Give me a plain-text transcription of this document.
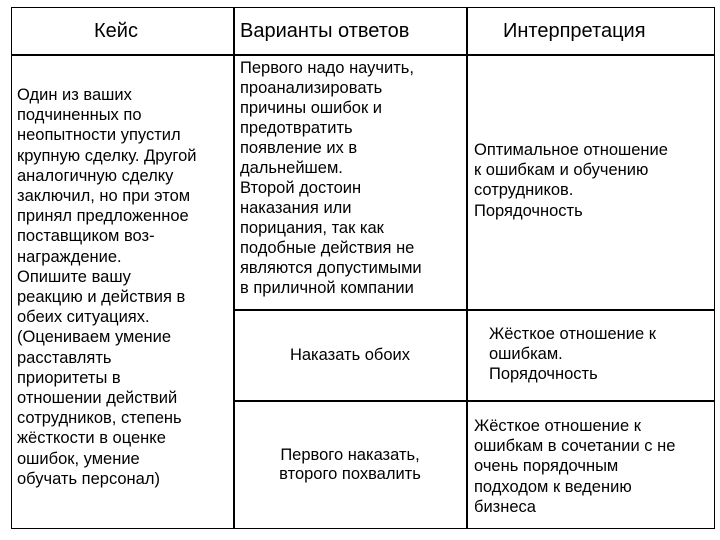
Кейс	Варианты ответов	Интерпретация
Один из ваших
подчиненных по
неопытности упустил
крупную сделку. Другой
аналогичную сделку
заключил, но при этом
принял предложенное
поставщиком воз-
награждение.
Опишите вашу
реакцию и действия в
обеих ситуациях.
(Оцениваем умение
расставлять
приоритеты в
отношении действий
сотрудников, степень
жёсткости в оценке
ошибок, умение
обучать персонал)
Первого надо научить,
проанализировать
причины ошибок и
предотвратить
появление их в
дальнейшем.
Второй достоин
наказания или
порицания, так как
подобные действия не
являются допустимыми
в приличной компании
Наказать обоих
Первого наказать,
второго похвалить
Оптимальное отношение
к ошибкам и обучению
сотрудников.
Порядочность
Жёсткое отношение к
ошибкам.
Порядочность
Жёсткое отношение к
ошибкам в сочетании с не
очень порядочным
подходом к ведению
бизнеса
